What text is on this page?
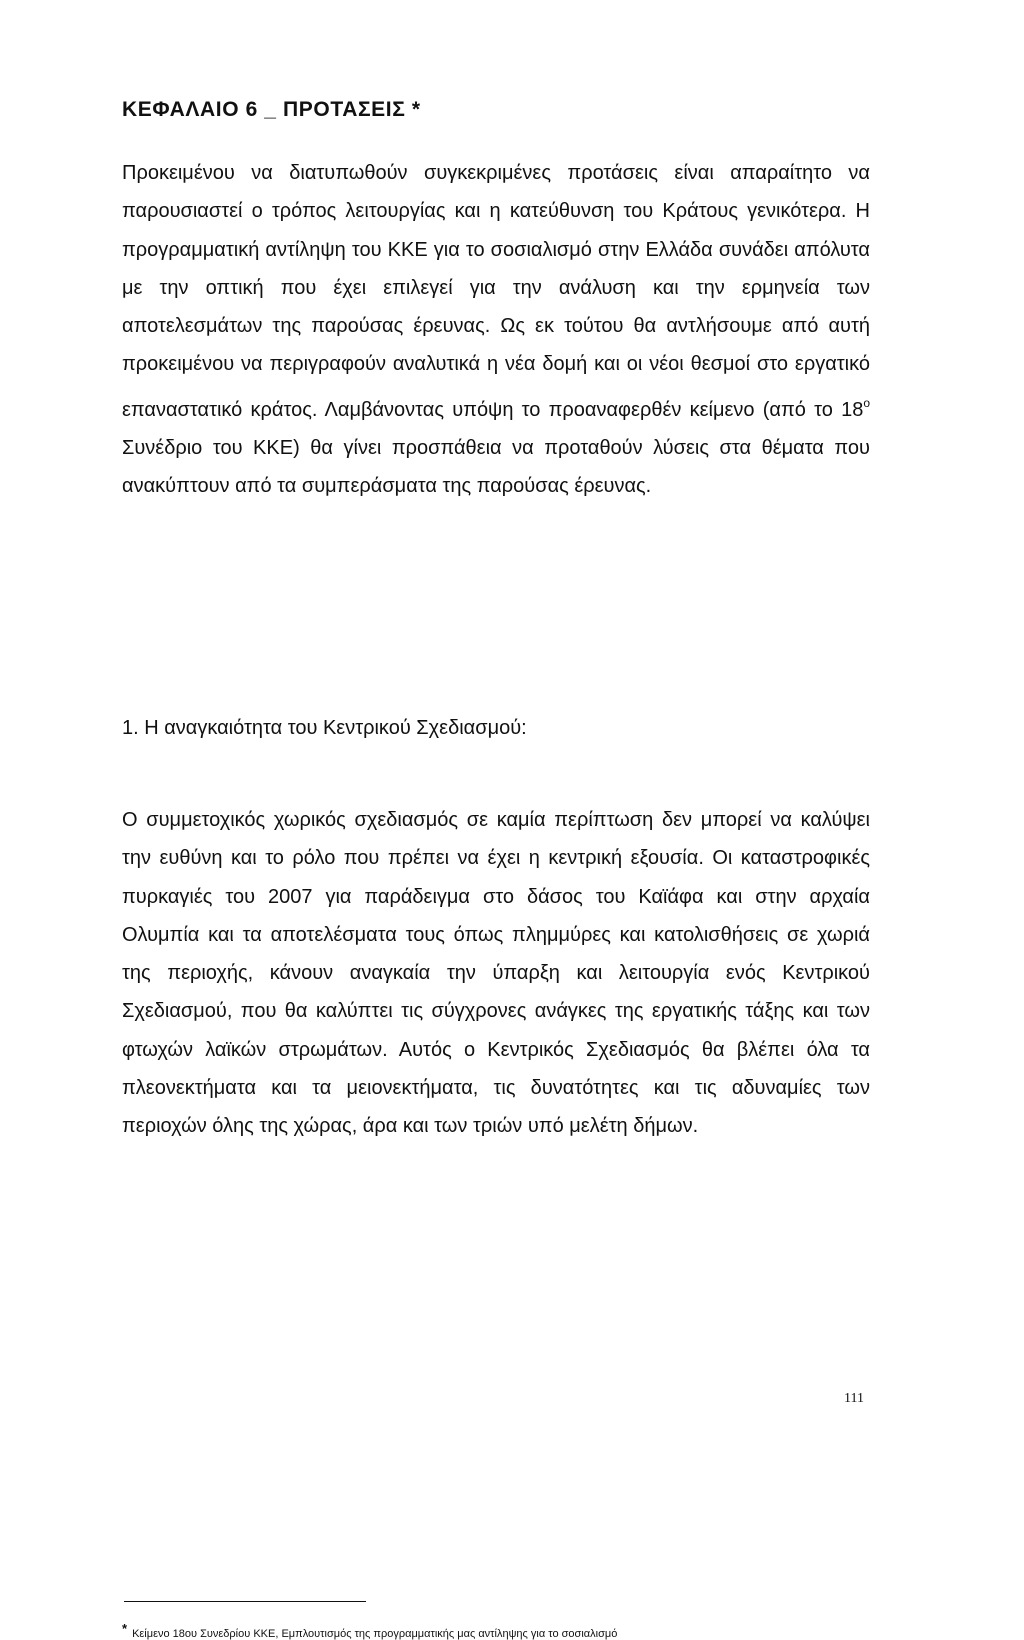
ΚΕΦΑΛΑΙΟ 6 _ ΠΡΟΤΑΣΕΙΣ *

Προκειμένου να διατυπωθούν συγκεκριμένες προτάσεις είναι απαραίτητο να παρουσιαστεί ο τρόπος λειτουργίας και η κατεύθυνση του Κράτους γενικότερα. Η προγραμματική αντίληψη του ΚΚΕ για το σοσιαλισμό στην Ελλάδα συνάδει απόλυτα με την οπτική που έχει επιλεγεί για την ανάλυση και την ερμηνεία των αποτελεσμάτων της παρούσας έρευνας. Ως εκ τούτου θα αντλήσουμε από αυτή προκειμένου να περιγραφούν αναλυτικά η νέα δομή και οι νέοι θεσμοί στο εργατικό επαναστατικό κράτος. Λαμβάνοντας υπόψη το προαναφερθέν κείμενο (από το $18^o$ Συνέδριο του ΚΚΕ) θα γίνει προσπάθεια να προταθούν λύσεις στα θέματα που ανακύπτουν από τα συμπεράσματα της παρούσας έρευνας.

1. Η αναγκαιότητα του Κεντρικού Σχεδιασμού:

Ο συμμετοχικός χωρικός σχεδιασμός σε καμία περίπτωση δεν μπορεί να καλύψει την ευθύνη και το ρόλο που πρέπει να έχει η κεντρική εξουσία. Οι καταστροφικές πυρκαγιές του 2007 για παράδειγμα στο δάσος του Καϊάφα και στην αρχαία Ολυμπία και τα αποτελέσματα τους όπως πλημμύρες και κατολισθήσεις σε χωριά της περιοχής, κάνουν αναγκαία την ύπαρξη και λειτουργία ενός Κεντρικού Σχεδιασμού, που θα καλύπτει τις σύγχρονες ανάγκες της εργατικής τάξης και των φτωχών λαϊκών στρωμάτων. Αυτός ο Κεντρικός Σχεδιασμός θα βλέπει όλα τα πλεονεκτήματα και τα μειονεκτήματα, τις δυνατότητες και τις αδυναμίες των περιοχών όλης της χώρας, άρα και των τριών υπό μελέτη δήμων.

* Κείμενο 18ου Συνεδρίου ΚΚΕ, Εμπλουτισμός της προγραμματικής μας αντίληψης για το σοσιαλισμό

111
